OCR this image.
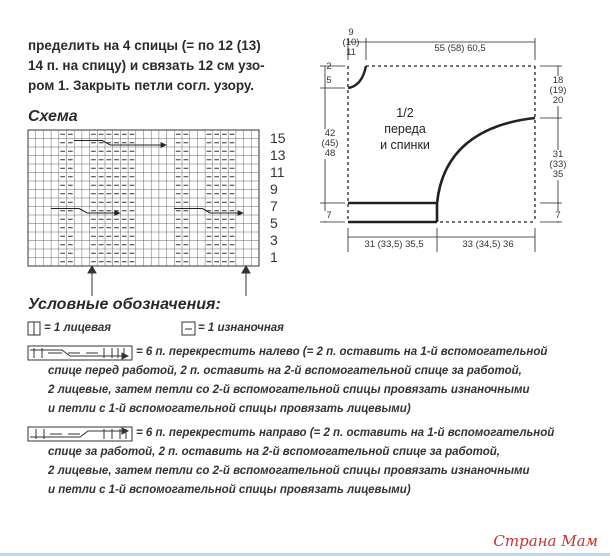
пределить на 4 спицы (= по 12 (13)
14 п. на спицу) и связать 12 см узо-
ром 1. Закрыть петли согл. узору.
Схема
15
13
11
9
7
5
3
1
9
(10)
11	55 (58) 60,5
2
5
42
(45)
48
7
18
(19)
20
31
(33)
35
7
31 (33,5) 35,5	33 (34,5) 36
1/2
переда
и спинки
Условные обозначения:
= 1 лицевая	= 1 изнаночная
= 6 п. перекрестить налево (= 2 п. оставить на 1-й вспомогательной
спице перед работой, 2 п. оставить на 2-й вспомогательной спице за работой,
2 лицевые, затем петли со 2-й вспомогательной спицы провязать изнаночными
и петли с 1-й вспомогательной спицы провязать лицевыми)
= 6 п. перекрестить направо (= 2 п. оставить на 1-й вспомогательной
спице за работой, 2 п. оставить на 2-й вспомогательной спице за работой,
2 лицевые, затем петли со 2-й вспомогательной спицы провязать изнаночными
и петли с 1-й вспомогательной спицы провязать лицевыми)
Страна Мам
